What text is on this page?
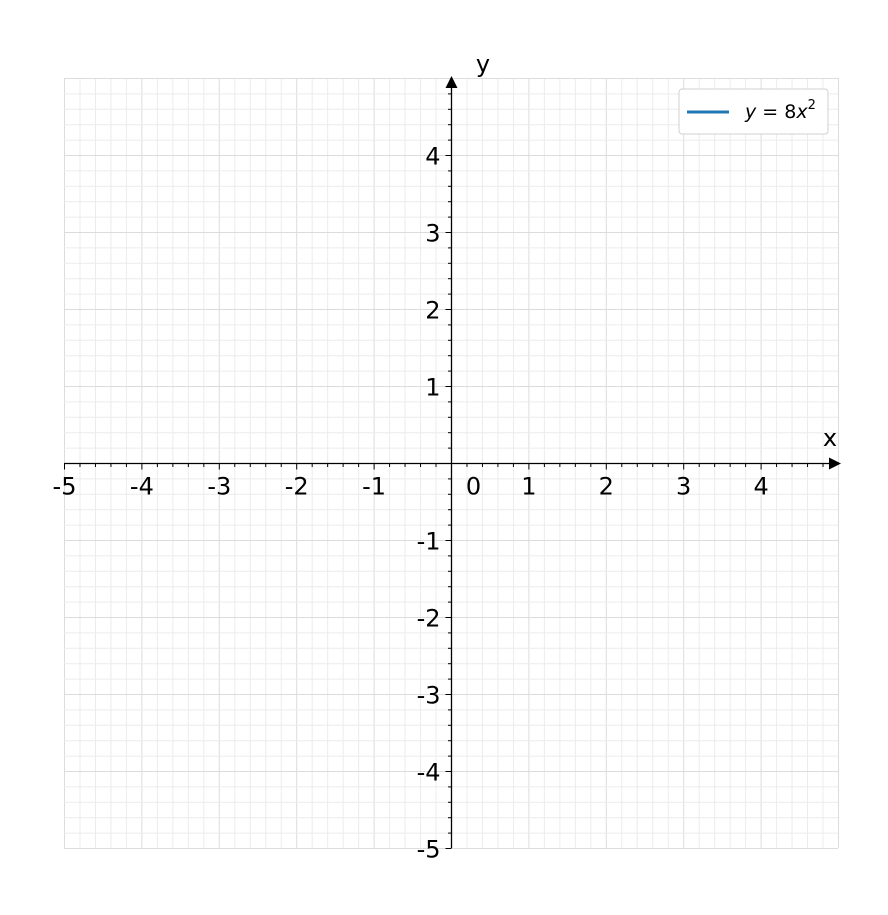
-5 -4 -3 -2 -1	0 1	2	3	4
-5
-4
-3
-2
-1
1
2
3
4
x
y
$y = 8x^2$
